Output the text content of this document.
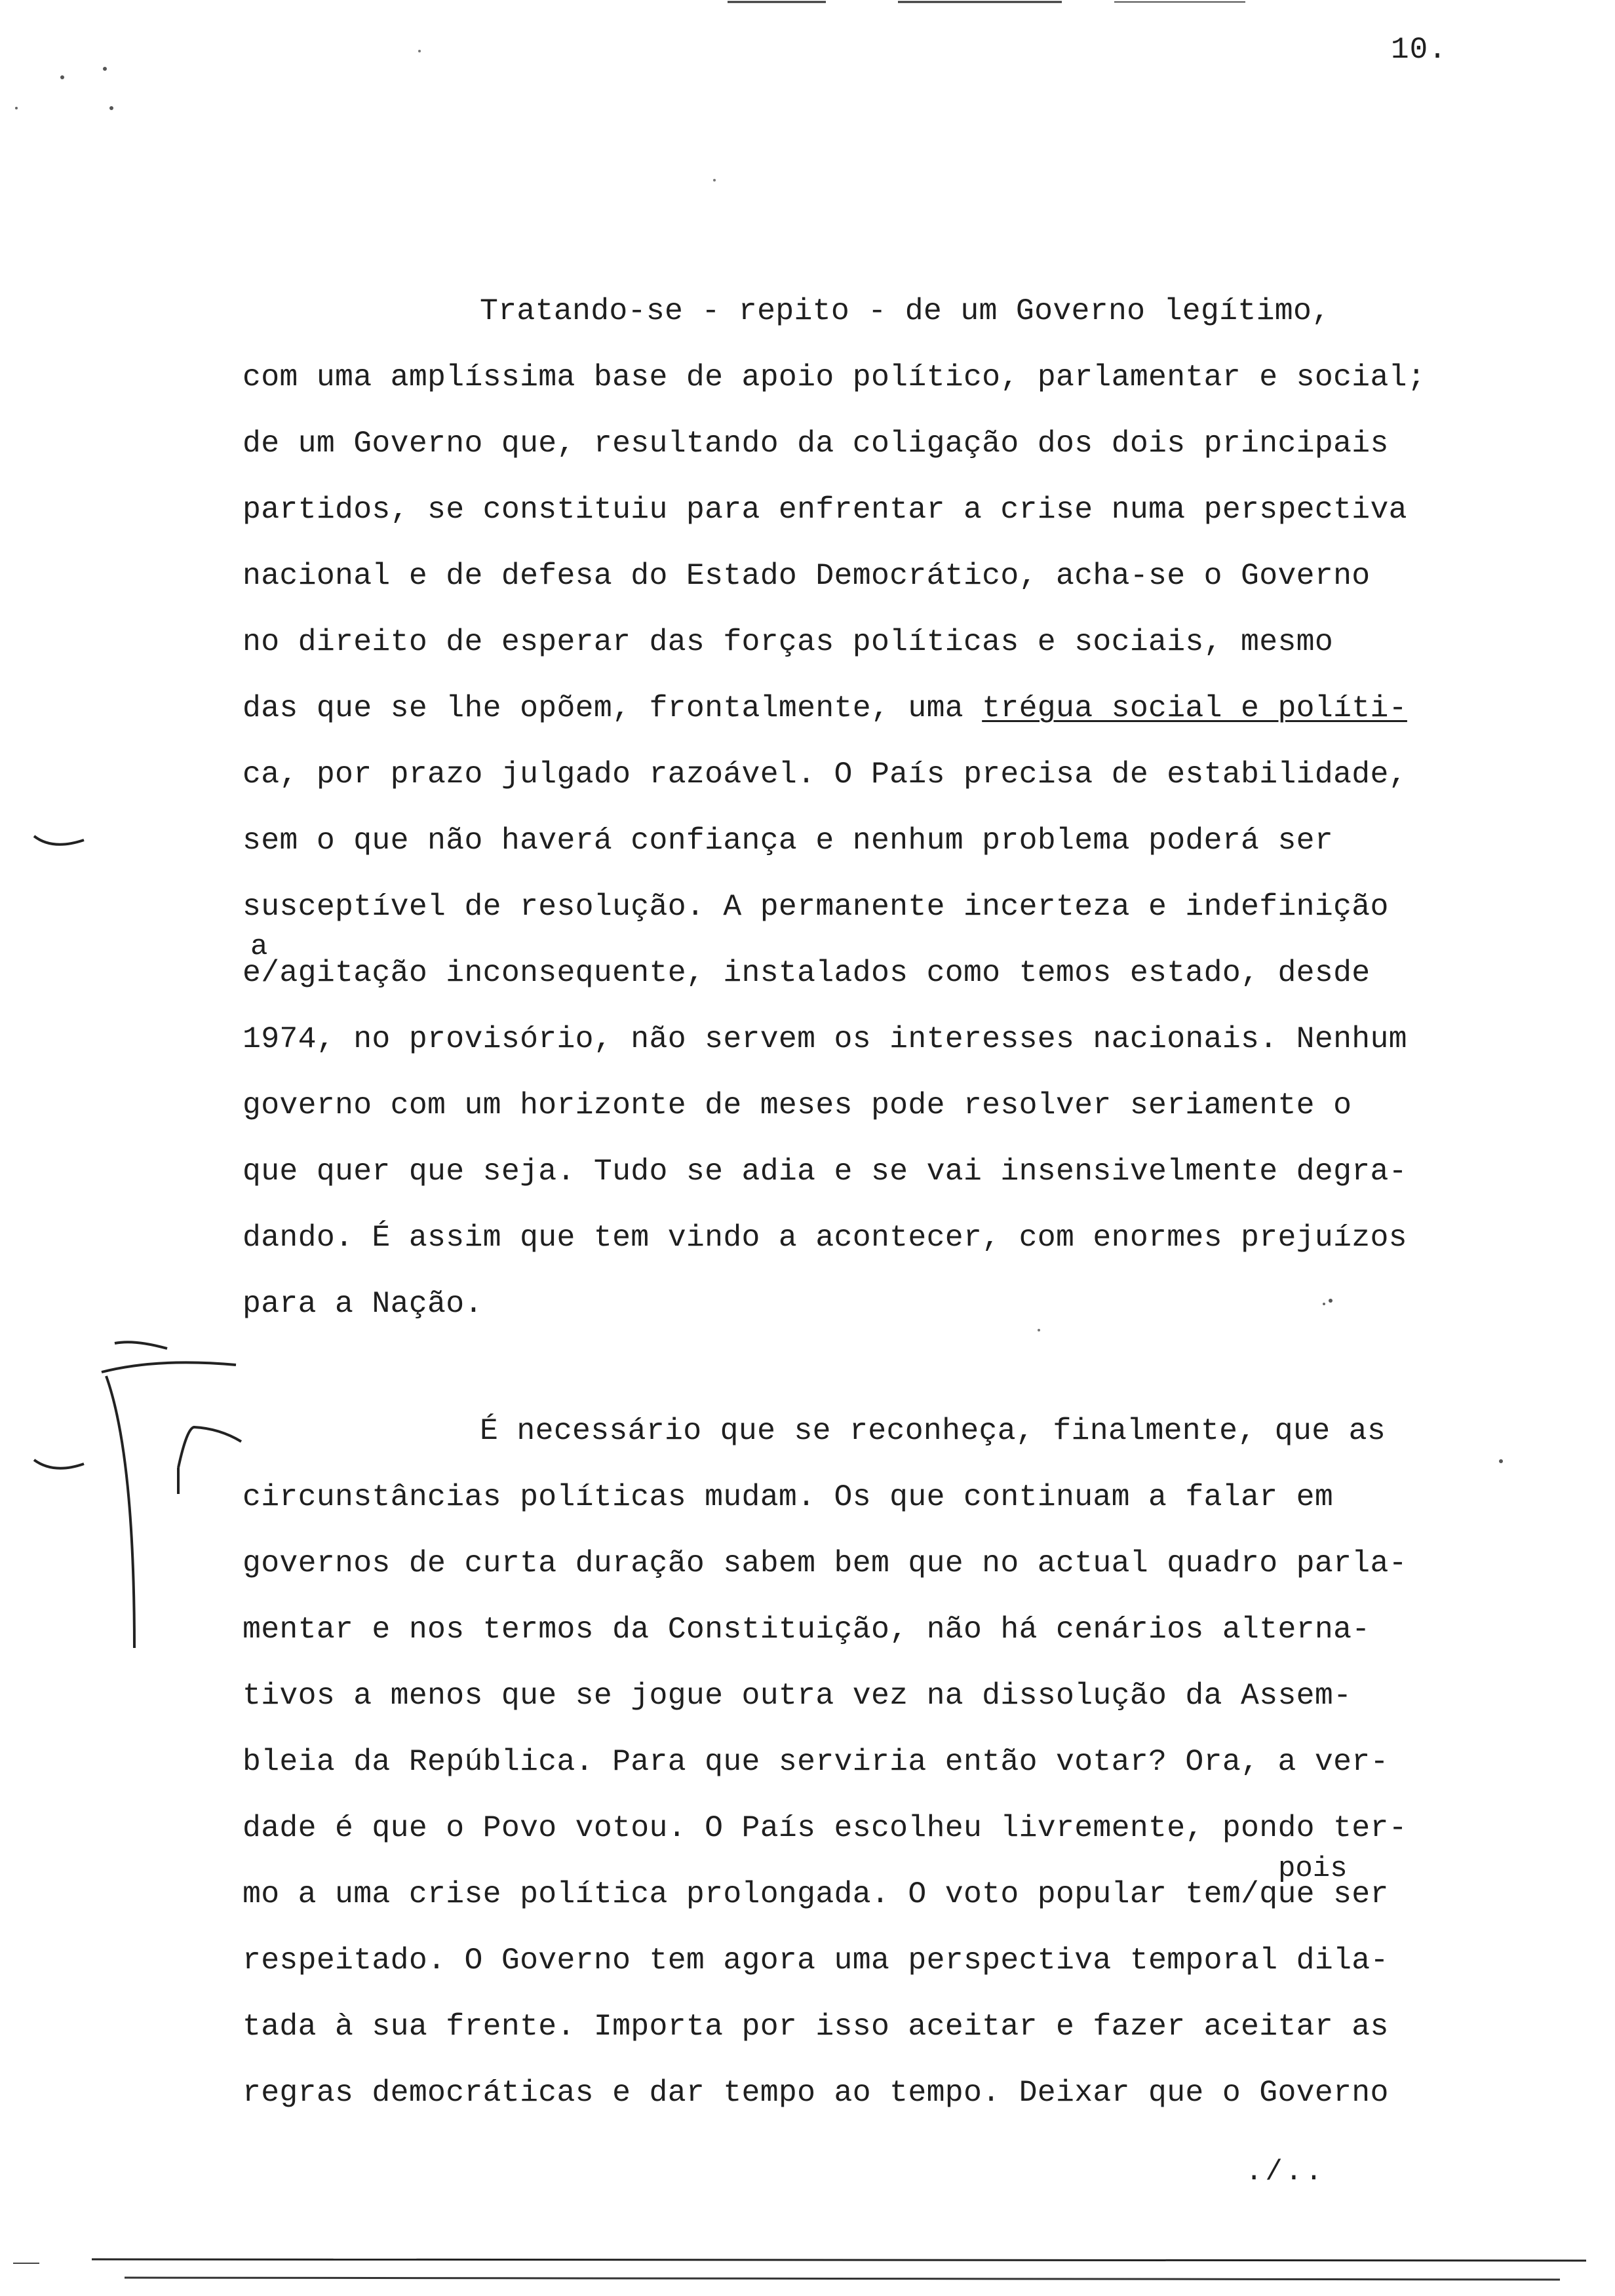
10.
Tratando-se - repito - de um Governo legítimo,
com uma amplíssima base de apoio político, parlamentar e social;
de um Governo que, resultando da coligação dos dois principais
partidos, se constituiu para enfrentar a crise numa perspectiva
nacional e de defesa do Estado Democrático, acha-se o Governo
no direito de esperar das forças políticas e sociais, mesmo
das que se lhe opõem, frontalmente, uma trégua social e políti-
ca, por prazo julgado razoável. O País precisa de estabilidade,
sem o que não haverá confiança e nenhum problema poderá ser
susceptível de resolução. A permanente incerteza e indefinição
e/agitação inconsequente, instalados como temos estado, desde
1974, no provisório, não servem os interesses nacionais. Nenhum
governo com um horizonte de meses pode resolver seriamente o
que quer que seja. Tudo se adia e se vai insensivelmente degra-
dando. É assim que tem vindo a acontecer, com enormes prejuízos
para a Nação.
a
É necessário que se reconheça, finalmente, que as
circunstâncias políticas mudam. Os que continuam a falar em
governos de curta duração sabem bem que no actual quadro parla-
mentar e nos termos da Constituição, não há cenários alterna-
tivos a menos que se jogue outra vez na dissolução da Assem-
bleia da República. Para que serviria então votar? Ora, a ver-
dade é que o Povo votou. O País escolheu livremente, pondo ter-
mo a uma crise política prolongada. O voto popular tem/que ser
respeitado. O Governo tem agora uma perspectiva temporal dila-
tada à sua frente. Importa por isso aceitar e fazer aceitar as
regras democráticas e dar tempo ao tempo. Deixar que o Governo
pois
./..
